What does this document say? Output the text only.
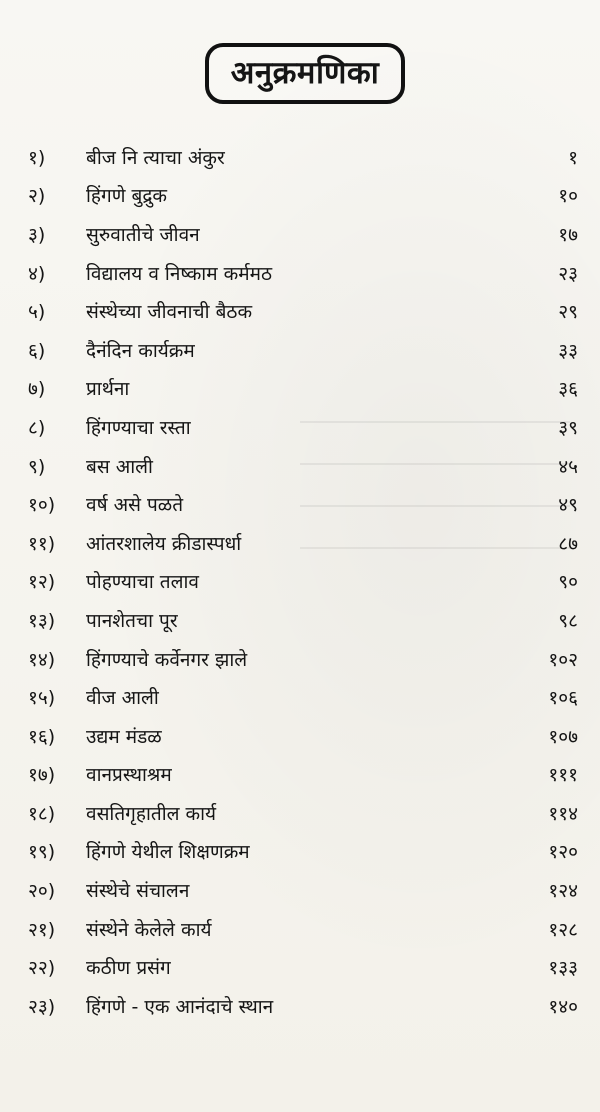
अनुक्रमणिका
१)	बीज नि त्याचा अंकुर	१
२)	हिंगणे बुद्रुक	१०
३)	सुरुवातीचे जीवन	१७
४)	विद्यालय व निष्काम कर्ममठ	२३
५)	संस्थेच्या जीवनाची बैठक	२९
६)	दैनंदिन कार्यक्रम	३३
७)	प्रार्थना	३६
८)	हिंगण्याचा रस्ता	३९
९)	बस आली	४५
१०)	वर्ष असे पळते	४९
११)	आंतरशालेय क्रीडास्पर्धा	८७
१२)	पोहण्याचा तलाव	९०
१३)	पानशेतचा पूर	९८
१४)	हिंगण्याचे कर्वेनगर झाले	१०२
१५)	वीज आली	१०६
१६)	उद्यम मंडळ	१०७
१७)	वानप्रस्थाश्रम	१११
१८)	वसतिगृहातील कार्य	११४
१९)	हिंगणे येथील शिक्षणक्रम	१२०
२०)	संस्थेचे संचालन	१२४
२१)	संस्थेने केलेले कार्य	१२८
२२)	कठीण प्रसंग	१३३
२३)	हिंगणे - एक आनंदाचे स्थान	१४०
